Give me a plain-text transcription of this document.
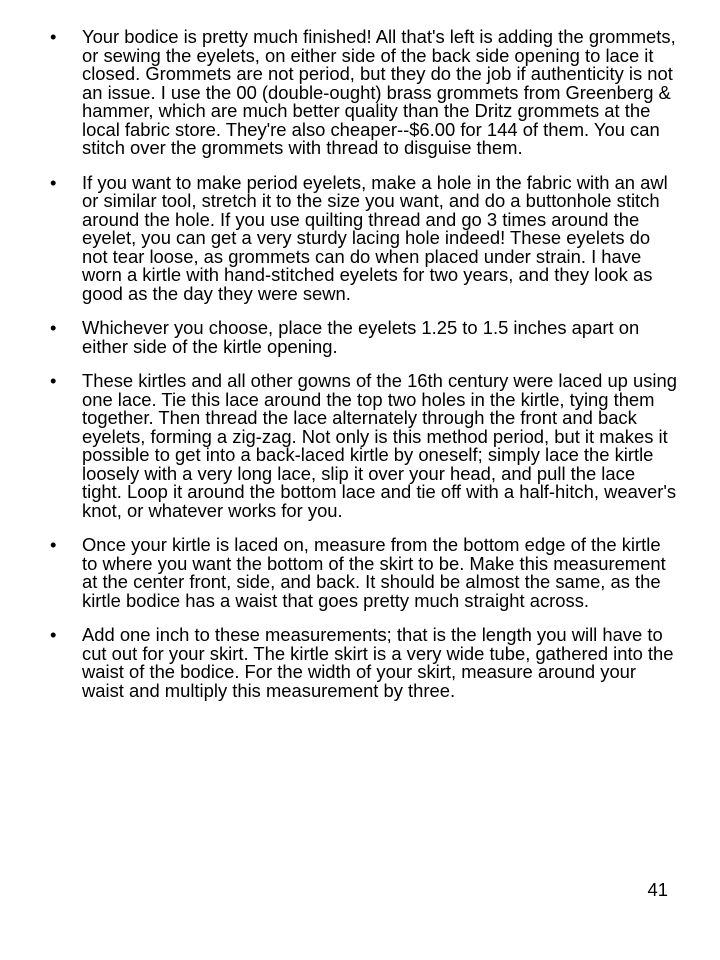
•	Your bodice is pretty much finished! All that's left is adding the grommets, or sewing the eyelets, on either side of the back side opening to lace it closed. Grommets are not period, but they do the job if authenticity is not an issue. I use the 00 (double-ought) brass grommets from Greenberg & hammer, which are much better quality than the Dritz grommets at the local fabric store. They're also cheaper--$6.00 for 144 of them. You can stitch over the grommets with thread to disguise them.
•	If you want to make period eyelets, make a hole in the fabric with an awl or similar tool, stretch it to the size you want, and do a buttonhole stitch around the hole. If you use quilting thread and go 3 times around the eyelet, you can get a very sturdy lacing hole indeed! These eyelets do not tear loose, as grommets can do when placed under strain. I have worn a kirtle with hand-stitched eyelets for two years, and they look as good as the day they were sewn.
•	Whichever you choose, place the eyelets 1.25 to 1.5 inches apart on either side of the kirtle opening.
•	These kirtles and all other gowns of the 16th century were laced up using one lace. Tie this lace around the top two holes in the kirtle, tying them together. Then thread the lace alternately through the front and back eyelets, forming a zig-zag. Not only is this method period, but it makes it possible to get into a back-laced kirtle by oneself; simply lace the kirtle loosely with a very long lace, slip it over your head, and pull the lace tight. Loop it around the bottom lace and tie off with a half-hitch, weaver's knot, or whatever works for you.
•	Once your kirtle is laced on, measure from the bottom edge of the kirtle to where you want the bottom of the skirt to be. Make this measurement at the center front, side, and back. It should be almost the same, as the kirtle bodice has a waist that goes pretty much straight across.
•	Add one inch to these measurements; that is the length you will have to cut out for your skirt. The kirtle skirt is a very wide tube, gathered into the waist of the bodice. For the width of your skirt, measure around your waist and multiply this measurement by three.
41
